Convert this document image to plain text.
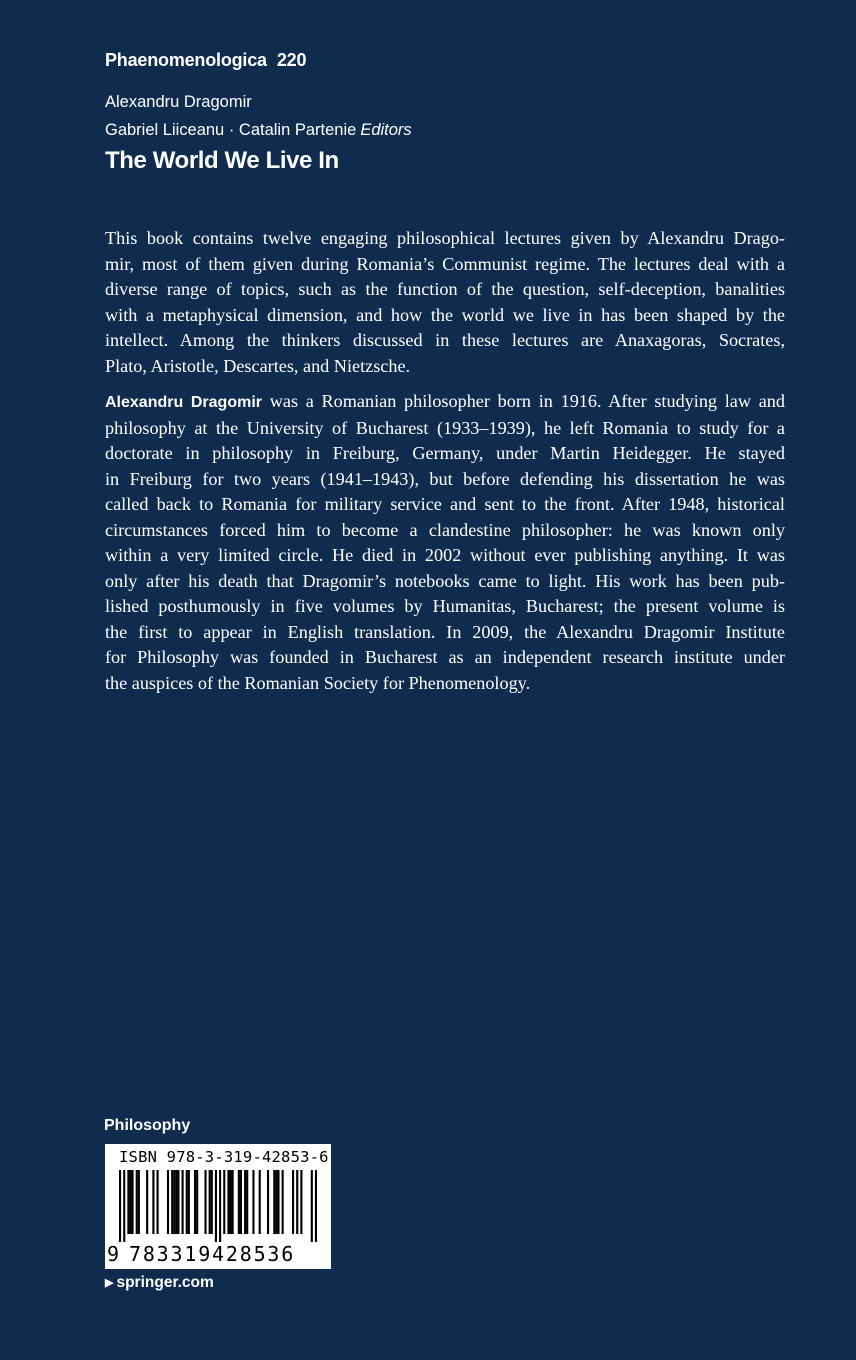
Phaenomenologica 220
Alexandru Dragomir
Gabriel Liiceanu · Catalin Partenie Editors
The World We Live In

This book contains twelve engaging philosophical lectures given by Alexandru Drago-
mir, most of them given during Romania’s Communist regime. The lectures deal with a
diverse range of topics, such as the function of the question, self-deception, banalities
with a metaphysical dimension, and how the world we live in has been shaped by the
intellect. Among the thinkers discussed in these lectures are Anaxagoras, Socrates,
Plato, Aristotle, Descartes, and Nietzsche.

Alexandru Dragomir was a Romanian philosopher born in 1916. After studying law and
philosophy at the University of Bucharest (1933–1939), he left Romania to study for a
doctorate in philosophy in Freiburg, Germany, under Martin Heidegger. He stayed
in Freiburg for two years (1941–1943), but before defending his dissertation he was
called back to Romania for military service and sent to the front. After 1948, historical
circumstances forced him to become a clandestine philosopher: he was known only
within a very limited circle. He died in 2002 without ever publishing anything. It was
only after his death that Dragomir’s notebooks came to light. His work has been pub-
lished posthumously in five volumes by Humanitas, Bucharest; the present volume is
the first to appear in English translation. In 2009, the Alexandru Dragomir Institute
for Philosophy was founded in Bucharest as an independent research institute under
the auspices of the Romanian Society for Phenomenology.

Philosophy
ISBN 978-3-319-42853-6
9 783319428536
▶ springer.com
